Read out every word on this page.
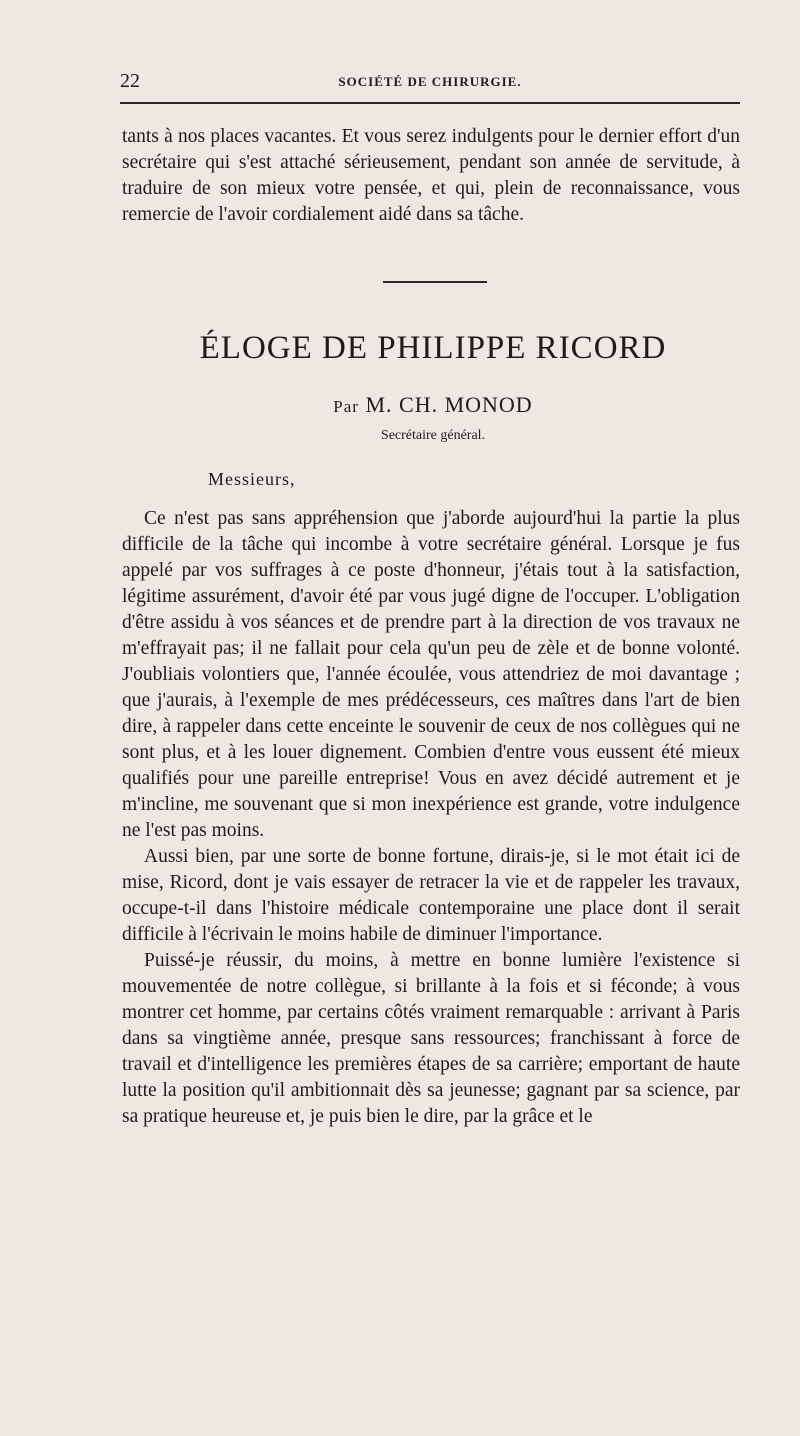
22	SOCIÉTÉ DE CHIRURGIE.

tants à nos places vacantes. Et vous serez indulgents pour le dernier effort d'un secrétaire qui s'est attaché sérieusement, pendant son année de servitude, à traduire de son mieux votre pensée, et qui, plein de reconnaissance, vous remercie de l'avoir cordialement aidé dans sa tâche.

ÉLOGE DE PHILIPPE RICORD
Par M. CH. MONOD
Secrétaire général.
Messieurs,

Ce n'est pas sans appréhension que j'aborde aujourd'hui la partie la plus difficile de la tâche qui incombe à votre secrétaire général. Lorsque je fus appelé par vos suffrages à ce poste d'honneur, j'étais tout à la satisfaction, légitime assurément, d'avoir été par vous jugé digne de l'occuper. L'obligation d'être assidu à vos séances et de prendre part à la direction de vos travaux ne m'effrayait pas; il ne fallait pour cela qu'un peu de zèle et de bonne volonté. J'oubliais volontiers que, l'année écoulée, vous attendriez de moi davantage ; que j'aurais, à l'exemple de mes prédécesseurs, ces maîtres dans l'art de bien dire, à rappeler dans cette enceinte le souvenir de ceux de nos collègues qui ne sont plus, et à les louer dignement. Combien d'entre vous eussent été mieux qualifiés pour une pareille entreprise! Vous en avez décidé autrement et je m'incline, me souvenant que si mon inexpérience est grande, votre indulgence ne l'est pas moins.

Aussi bien, par une sorte de bonne fortune, dirais-je, si le mot était ici de mise, Ricord, dont je vais essayer de retracer la vie et de rappeler les travaux, occupe-t-il dans l'histoire médicale contemporaine une place dont il serait difficile à l'écrivain le moins habile de diminuer l'importance.

Puissé-je réussir, du moins, à mettre en bonne lumière l'existence si mouvementée de notre collègue, si brillante à la fois et si féconde; à vous montrer cet homme, par certains côtés vraiment remarquable : arrivant à Paris dans sa vingtième année, presque sans ressources; franchissant à force de travail et d'intelligence les premières étapes de sa carrière; emportant de haute lutte la position qu'il ambitionnait dès sa jeunesse; gagnant par sa science, par sa pratique heureuse et, je puis bien le dire, par la grâce et le
